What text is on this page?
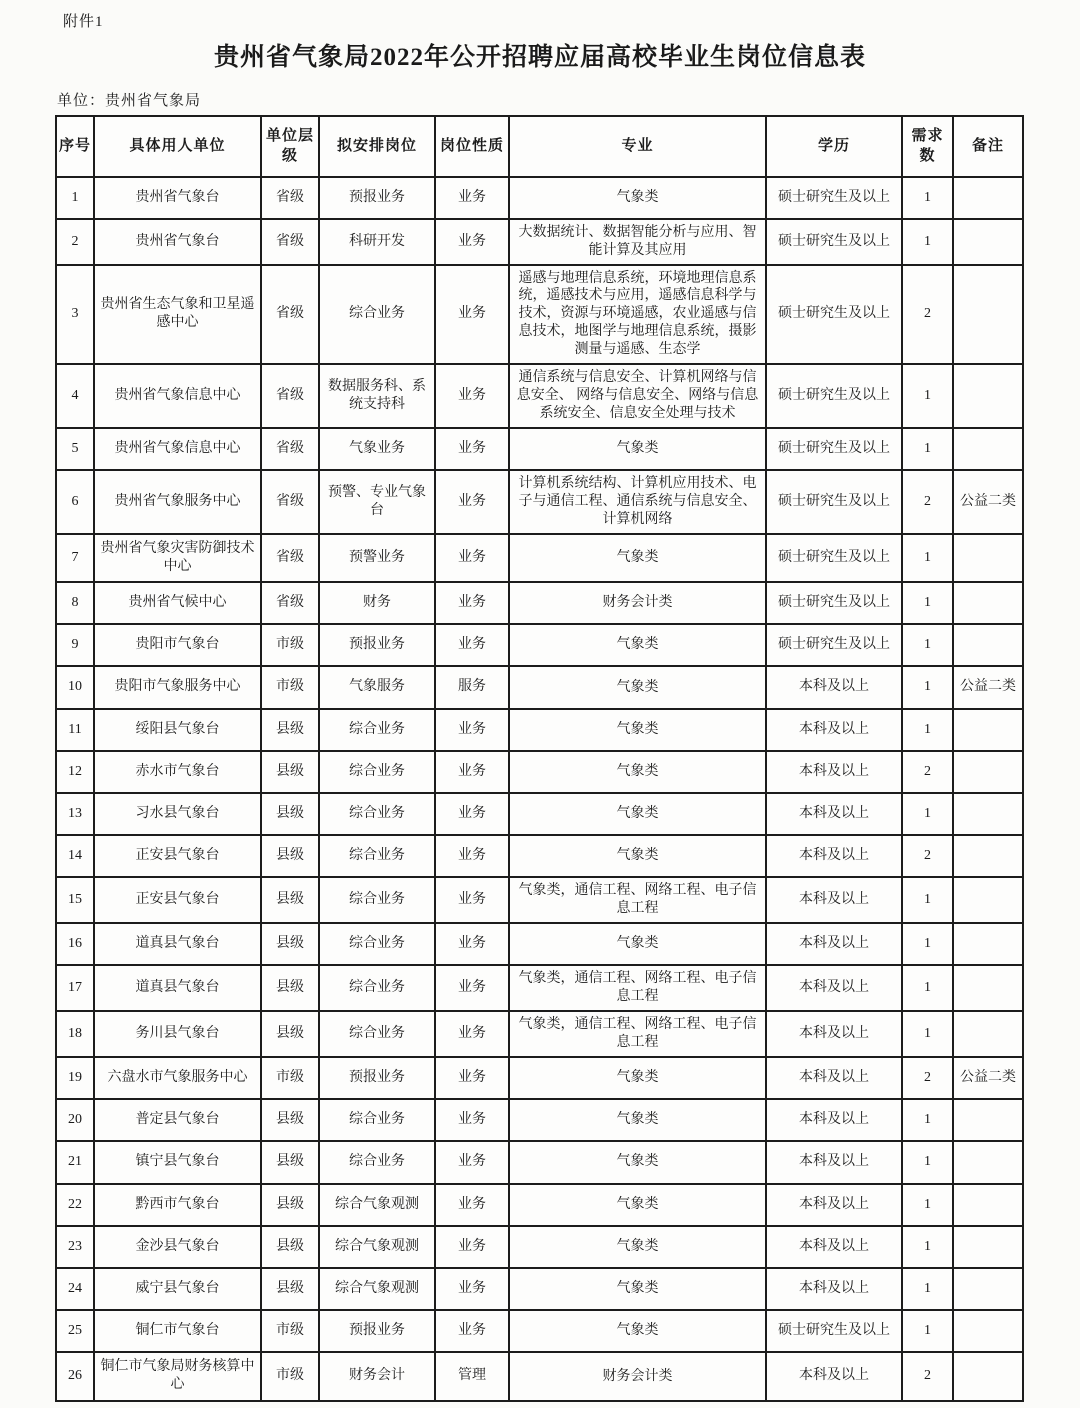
附件1
贵州省气象局2022年公开招聘应届高校毕业生岗位信息表
单位：贵州省气象局
序号	具体用人单位	单位层级	拟安排岗位	岗位性质	专业	学历	需求数	备注
1	贵州省气象台	省级	预报业务	业务	气象类	硕士研究生及以上	1	
2	贵州省气象台	省级	科研开发	业务	大数据统计、数据智能分析与应用、智能计算及其应用	硕士研究生及以上	1	
3	贵州省生态气象和卫星遥感中心	省级	综合业务	业务	遥感与地理信息系统，环境地理信息系统，遥感技术与应用，遥感信息科学与技术，资源与环境遥感，农业遥感与信息技术，地图学与地理信息系统，摄影测量与遥感、生态学	硕士研究生及以上	2	
4	贵州省气象信息中心	省级	数据服务科、系统支持科	业务	通信系统与信息安全、计算机网络与信息安全、 网络与信息安全、网络与信息系统安全、信息安全处理与技术	硕士研究生及以上	1	
5	贵州省气象信息中心	省级	气象业务	业务	气象类	硕士研究生及以上	1	
6	贵州省气象服务中心	省级	预警、专业气象台	业务	计算机系统结构、计算机应用技术、电子与通信工程、通信系统与信息安全、计算机网络	硕士研究生及以上	2	公益二类
7	贵州省气象灾害防御技术中心	省级	预警业务	业务	气象类	硕士研究生及以上	1	
8	贵州省气候中心	省级	财务	业务	财务会计类	硕士研究生及以上	1	
9	贵阳市气象台	市级	预报业务	业务	气象类	硕士研究生及以上	1	
10	贵阳市气象服务中心	市级	气象服务	服务	气象类	本科及以上	1	公益二类
11	绥阳县气象台	县级	综合业务	业务	气象类	本科及以上	1	
12	赤水市气象台	县级	综合业务	业务	气象类	本科及以上	2	
13	习水县气象台	县级	综合业务	业务	气象类	本科及以上	1	
14	正安县气象台	县级	综合业务	业务	气象类	本科及以上	2	
15	正安县气象台	县级	综合业务	业务	气象类，通信工程、网络工程、电子信息工程	本科及以上	1	
16	道真县气象台	县级	综合业务	业务	气象类	本科及以上	1	
17	道真县气象台	县级	综合业务	业务	气象类，通信工程、网络工程、电子信息工程	本科及以上	1	
18	务川县气象台	县级	综合业务	业务	气象类，通信工程、网络工程、电子信息工程	本科及以上	1	
19	六盘水市气象服务中心	市级	预报业务	业务	气象类	本科及以上	2	公益二类
20	普定县气象台	县级	综合业务	业务	气象类	本科及以上	1	
21	镇宁县气象台	县级	综合业务	业务	气象类	本科及以上	1	
22	黔西市气象台	县级	综合气象观测	业务	气象类	本科及以上	1	
23	金沙县气象台	县级	综合气象观测	业务	气象类	本科及以上	1	
24	威宁县气象台	县级	综合气象观测	业务	气象类	本科及以上	1	
25	铜仁市气象台	市级	预报业务	业务	气象类	硕士研究生及以上	1	
26	铜仁市气象局财务核算中心	市级	财务会计	管理	财务会计类	本科及以上	2	
